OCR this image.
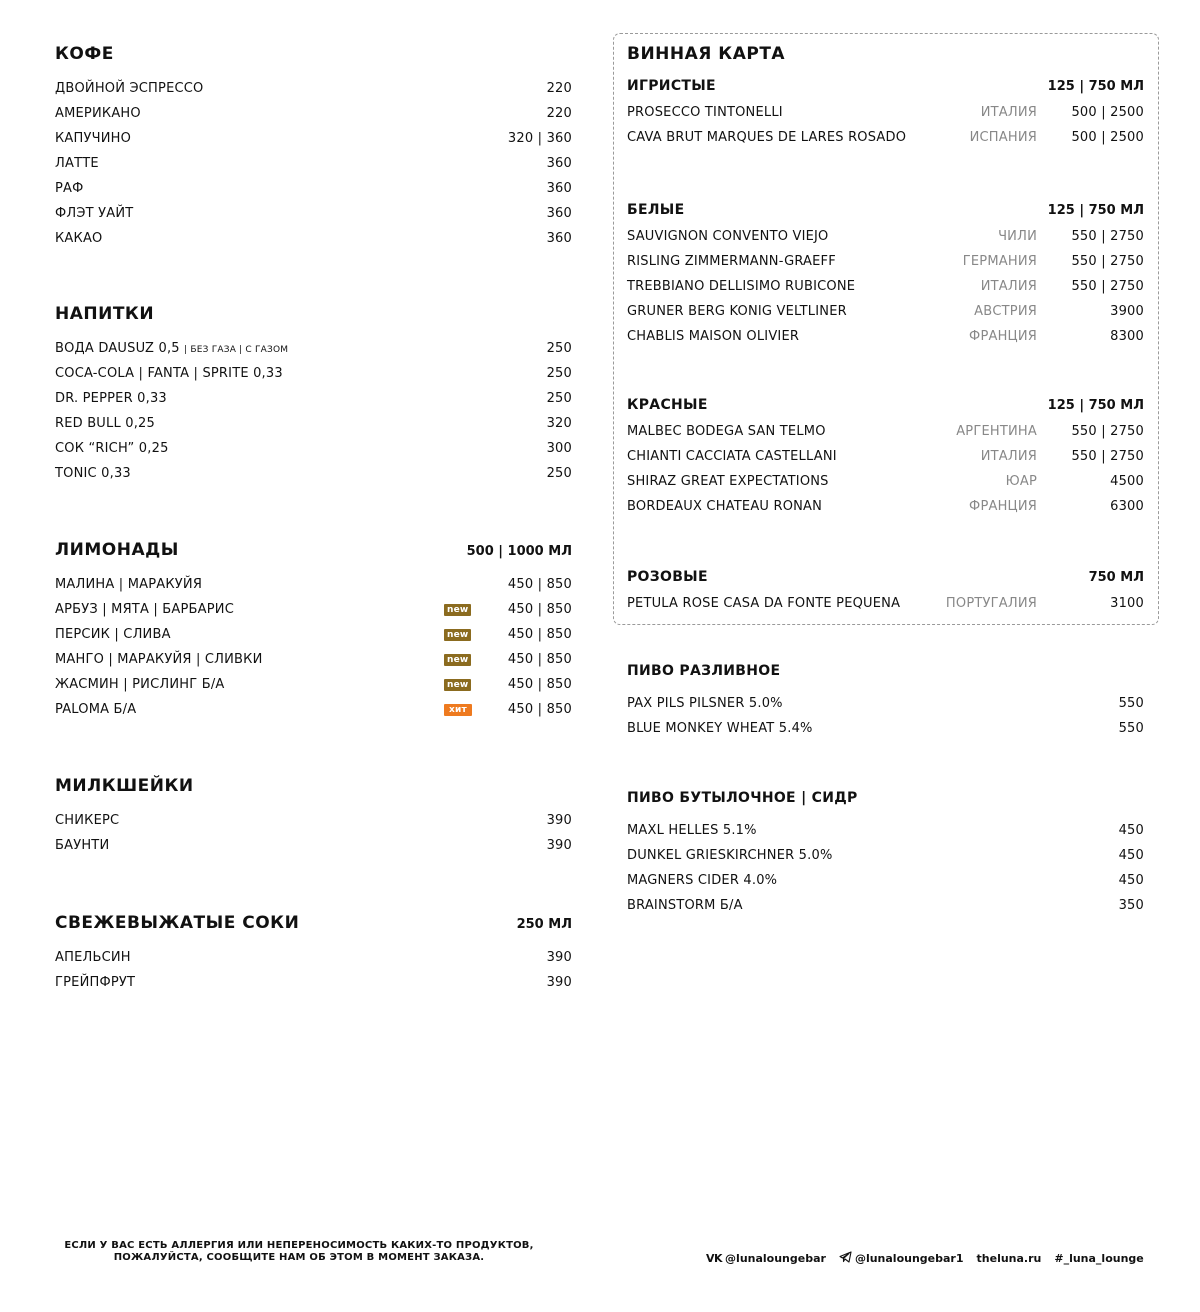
КОФЕ
ДВОЙНОЙ ЭСПРЕССО	220
АМЕРИКАНО	220
КАПУЧИНО	320 | 360
ЛАТТЕ	360
РАФ	360
ФЛЭТ УАЙТ	360
КАКАО	360
НАПИТКИ
ВОДА DAUSUZ 0,5 | БЕЗ ГАЗА | С ГАЗОМ	250
COCA-COLA | FANTA | SPRITE 0,33	250
DR. PEPPER 0,33	250
RED BULL 0,25	320
СОК “RICH” 0,25	300
TONIC 0,33	250
ЛИМОНАДЫ	500 | 1000 МЛ
МАЛИНА | МАРАКУЙЯ	450 | 850
АРБУЗ | МЯТА | БАРБАРИС	new	450 | 850
ПЕРСИК | СЛИВА	new	450 | 850
МАНГО | МАРАКУЙЯ | СЛИВКИ	new	450 | 850
ЖАСМИН | РИСЛИНГ Б/А	new	450 | 850
PALOMA Б/А	хит	450 | 850
МИЛКШЕЙКИ
СНИКЕРС	390
БАУНТИ	390
СВЕЖЕВЫЖАТЫЕ СОКИ	250 МЛ
АПЕЛЬСИН	390
ГРЕЙПФРУТ	390
ВИННАЯ КАРТА
ИГРИСТЫЕ	125 | 750 МЛ
PROSECCO TINTONELLI	ИТАЛИЯ	500 | 2500
CAVA BRUT MARQUES DE LARES ROSADO	ИСПАНИЯ	500 | 2500
БЕЛЫЕ	125 | 750 МЛ
SAUVIGNON CONVENTO VIEJO	ЧИЛИ	550 | 2750
RISLING ZIMMERMANN-GRAEFF	ГЕРМАНИЯ	550 | 2750
TREBBIANO DELLISIMO RUBICONE	ИТАЛИЯ	550 | 2750
GRUNER BERG KONIG VELTLINER	АВСТРИЯ	3900
CHABLIS MAISON OLIVIER	ФРАНЦИЯ	8300
КРАСНЫЕ	125 | 750 МЛ
MALBEC BODEGA SAN TELMO	АРГЕНТИНА	550 | 2750
CHIANTI CACCIATA CASTELLANI	ИТАЛИЯ	550 | 2750
SHIRAZ GREAT EXPECTATIONS	ЮАР	4500
BORDEAUX CHATEAU RONAN	ФРАНЦИЯ	6300
РОЗОВЫЕ	750 МЛ
PETULA ROSE CASA DA FONTE PEQUENA	ПОРТУГАЛИЯ	3100
ПИВО РАЗЛИВНОЕ
PAX PILS PILSNER 5.0%	550
BLUE MONKEY WHEAT 5.4%	550
ПИВО БУТЫЛОЧНОЕ | СИДР
MAXL HELLES 5.1%	450
DUNKEL GRIESKIRCHNER 5.0%	450
MAGNERS CIDER 4.0%	450
BRAINSTORM Б/А	350
ЕСЛИ У ВАС ЕСТЬ АЛЛЕРГИЯ ИЛИ НЕПЕРЕНОСИМОСТЬ КАКИХ-ТО ПРОДУКТОВ,
ПОЖАЛУЙСТА, СООБЩИТЕ НАМ ОБ ЭТОМ В МОМЕНТ ЗАКАЗА.	VK @lunaloungebar	@lunaloungebar1 theluna.ru #_luna_lounge
